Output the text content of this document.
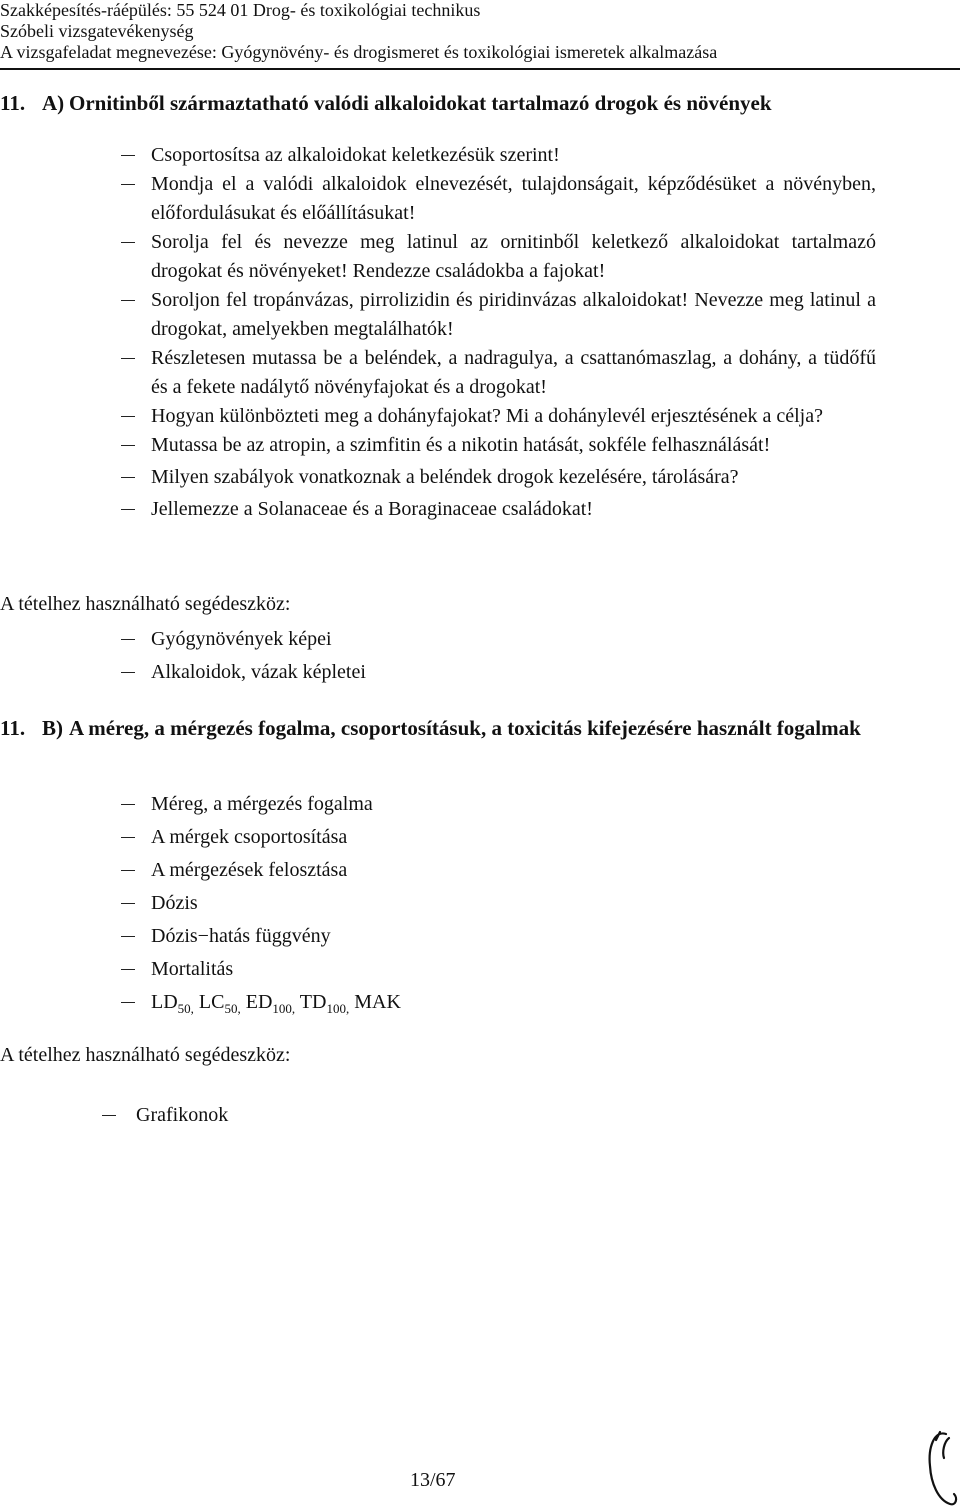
Szakképesítés-ráépülés: 55 524 01 Drog- és toxikológiai technikus
Szóbeli vizsgatevékenység
A vizsgafeladat megnevezése: Gyógynövény- és drogismeret és toxikológiai ismeretek alkalmazása
11. A) Ornitinből származtatható valódi alkaloidokat tartalmazó drogok és növények
Csoportosítsa az alkaloidokat keletkezésük szerint!
Mondja el a valódi alkaloidok elnevezését, tulajdonságait, képződésüket a növényben, előfordulásukat és előállításukat!
Sorolja fel és nevezze meg latinul az ornitinből keletkező alkaloidokat tartalmazó drogokat és növényeket! Rendezze családokba a fajokat!
Soroljon fel tropánvázas, pirrolizidin és piridinvázas alkaloidokat! Nevezze meg latinul a drogokat, amelyekben megtalálhatók!
Részletesen mutassa be a beléndek, a nadragulya, a csattanómaszlag, a dohány, a tüdőfű és a fekete nadálytő növényfajokat és a drogokat!
Hogyan különbözteti meg a dohányfajokat? Mi a dohánylevél erjesztésének a célja?
Mutassa be az atropin, a szimfitin és a nikotin hatását, sokféle felhasználását!
Milyen szabályok vonatkoznak a beléndek drogok kezelésére, tárolására?
Jellemezze a Solanaceae és a Boraginaceae családokat!
A tételhez használható segédeszköz:
Gyógynövények képei
Alkaloidok, vázak képletei
11. B) A méreg, a mérgezés fogalma, csoportosításuk, a toxicitás kifejezésére használt fogalmak
Méreg, a mérgezés fogalma
A mérgek csoportosítása
A mérgezések felosztása
Dózis
Dózis−hatás függvény
Mortalitás
$LD_{50,}$ $LC_{50,}$ $ED_{100,}$ $TD_{100,}$ MAK
A tételhez használható segédeszköz:
Grafikonok
13/67
